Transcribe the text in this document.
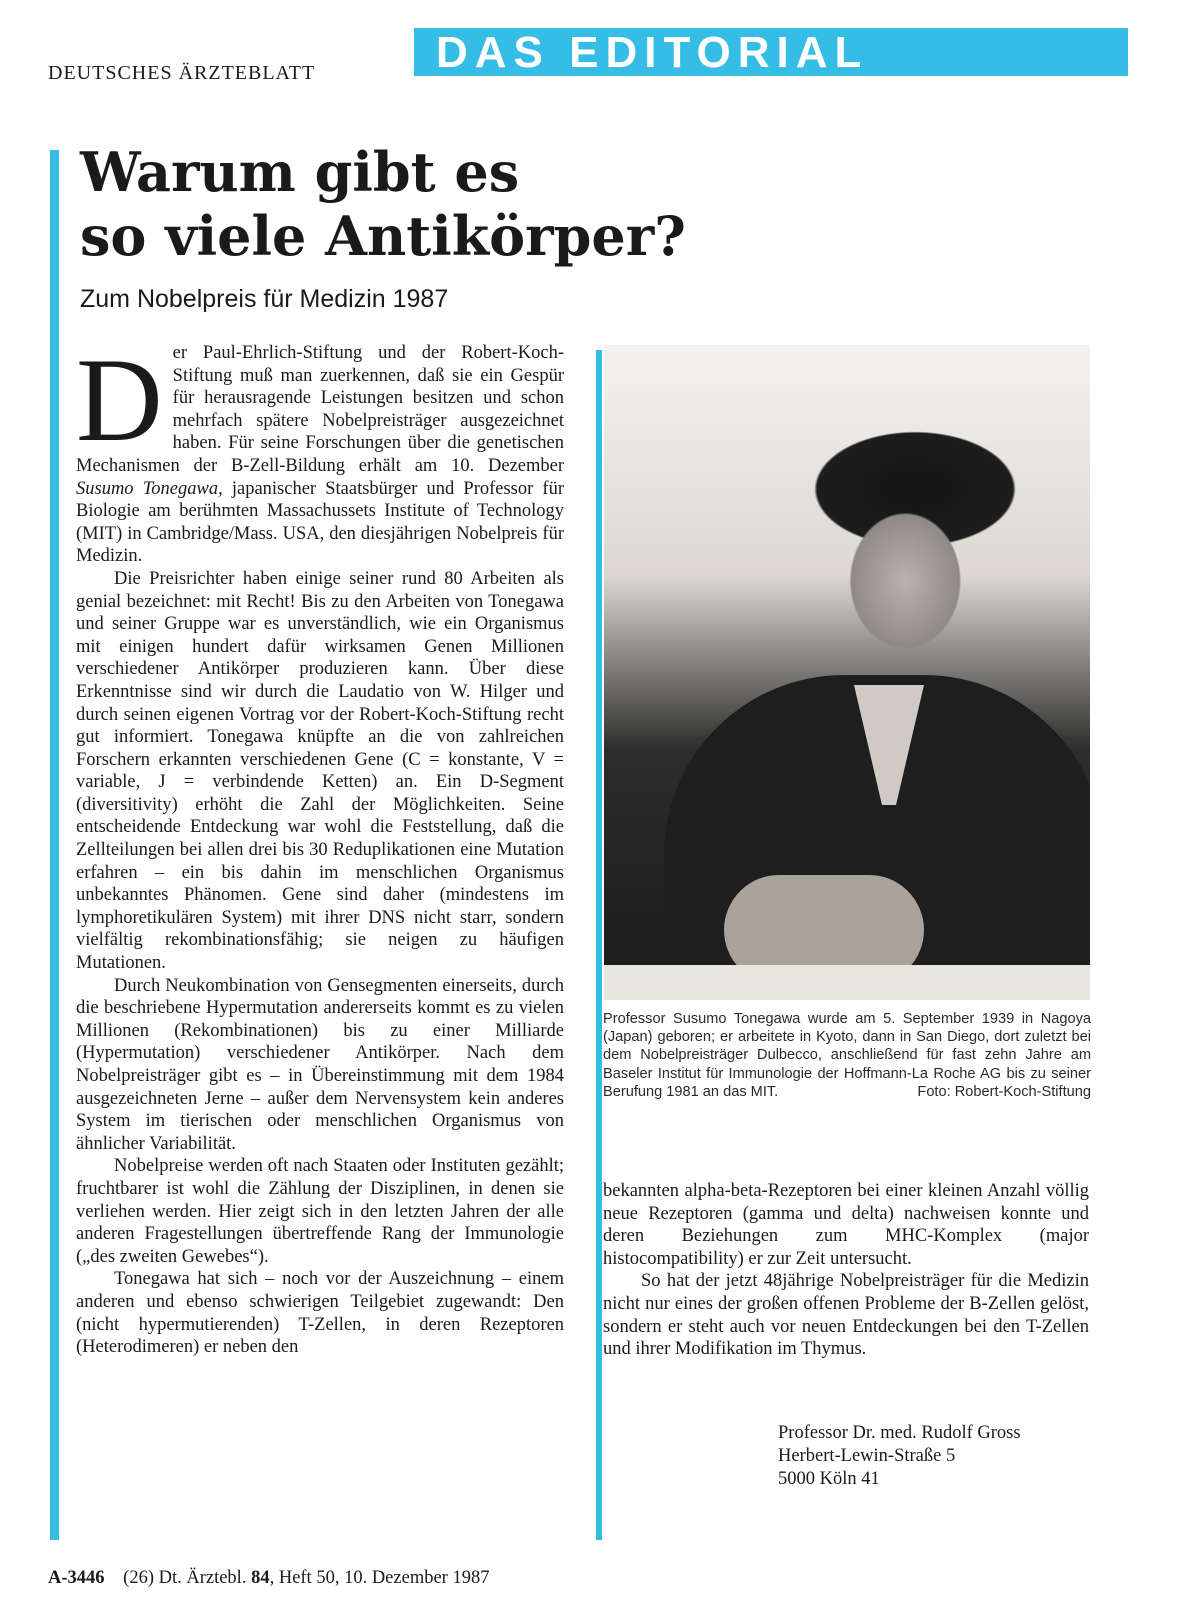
DEUTSCHES ÄRZTEBLATT	DAS EDITORIAL
Warum gibt es
so viele Antikörper?
Zum Nobelpreis für Medizin 1987

Der Paul-Ehrlich-Stiftung und der Robert-Koch-Stiftung muß man zuerkennen, daß sie ein Gespür für herausragende Leistungen besitzen und schon mehrfach spätere Nobelpreisträger ausgezeichnet haben. Für seine Forschungen über die genetischen Mechanismen der B-Zell-Bildung erhält am 10. Dezember Susumo Tonegawa, japanischer Staatsbürger und Professor für Biologie am berühmten Massachussets Institute of Technology (MIT) in Cambridge/Mass. USA, den diesjährigen Nobelpreis für Medizin.

Die Preisrichter haben einige seiner rund 80 Arbeiten als genial bezeichnet: mit Recht! Bis zu den Arbeiten von Tonegawa und seiner Gruppe war es unverständlich, wie ein Organismus mit einigen hundert dafür wirksamen Genen Millionen verschiedener Antikörper produzieren kann. Über diese Erkenntnisse sind wir durch die Laudatio von W. Hilger und durch seinen eigenen Vortrag vor der Robert-Koch-Stiftung recht gut informiert. Tonegawa knüpfte an die von zahlreichen Forschern erkannten verschiedenen Gene (C = konstante, V = variable, J = verbindende Ketten) an. Ein D-Segment (diversitivity) erhöht die Zahl der Möglichkeiten. Seine entscheidende Entdeckung war wohl die Feststellung, daß die Zellteilungen bei allen drei bis 30 Reduplikationen eine Mutation erfahren – ein bis dahin im menschlichen Organismus unbekanntes Phänomen. Gene sind daher (mindestens im lymphoretikulären System) mit ihrer DNS nicht starr, sondern vielfältig rekombinationsfähig; sie neigen zu häufigen Mutationen.

Durch Neukombination von Gensegmenten einerseits, durch die beschriebene Hypermutation andererseits kommt es zu vielen Millionen (Rekombinationen) bis zu einer Milliarde (Hypermutation) verschiedener Antikörper. Nach dem Nobelpreisträger gibt es – in Übereinstimmung mit dem 1984 ausgezeichneten Jerne – außer dem Nervensystem kein anderes System im tierischen oder menschlichen Organismus von ähnlicher Variabilität.

Nobelpreise werden oft nach Staaten oder Instituten gezählt; fruchtbarer ist wohl die Zählung der Disziplinen, in denen sie verliehen werden. Hier zeigt sich in den letzten Jahren der alle anderen Fragestellungen übertreffende Rang der Immunologie („des zweiten Gewebes“).

Tonegawa hat sich – noch vor der Auszeichnung – einem anderen und ebenso schwierigen Teilgebiet zugewandt: Den (nicht hypermutierenden) T-Zellen, in deren Rezeptoren (Heterodimeren) er neben den

Professor Susumo Tonegawa wurde am 5. September 1939 in Nagoya (Japan) geboren; er arbeitete in Kyoto, dann in San Diego, dort zuletzt bei dem Nobelpreisträger Dulbecco, anschließend für fast zehn Jahre am Baseler Institut für Immunologie der Hoffmann-La Roche AG bis zu seiner Berufung 1981 an das MIT.	Foto: Robert-Koch-Stiftung

bekannten alpha-beta-Rezeptoren bei einer kleinen Anzahl völlig neue Rezeptoren (gamma und delta) nachweisen konnte und deren Beziehungen zum MHC-Komplex (major histocompatibility) er zur Zeit untersucht.

So hat der jetzt 48jährige Nobelpreisträger für die Medizin nicht nur eines der großen offenen Probleme der B-Zellen gelöst, sondern er steht auch vor neuen Entdeckungen bei den T-Zellen und ihrer Modifikation im Thymus.

Professor Dr. med. Rudolf Gross
Herbert-Lewin-Straße 5
5000 Köln 41
A-3446 (26) Dt. Ärztebl. 84, Heft 50, 10. Dezember 1987
